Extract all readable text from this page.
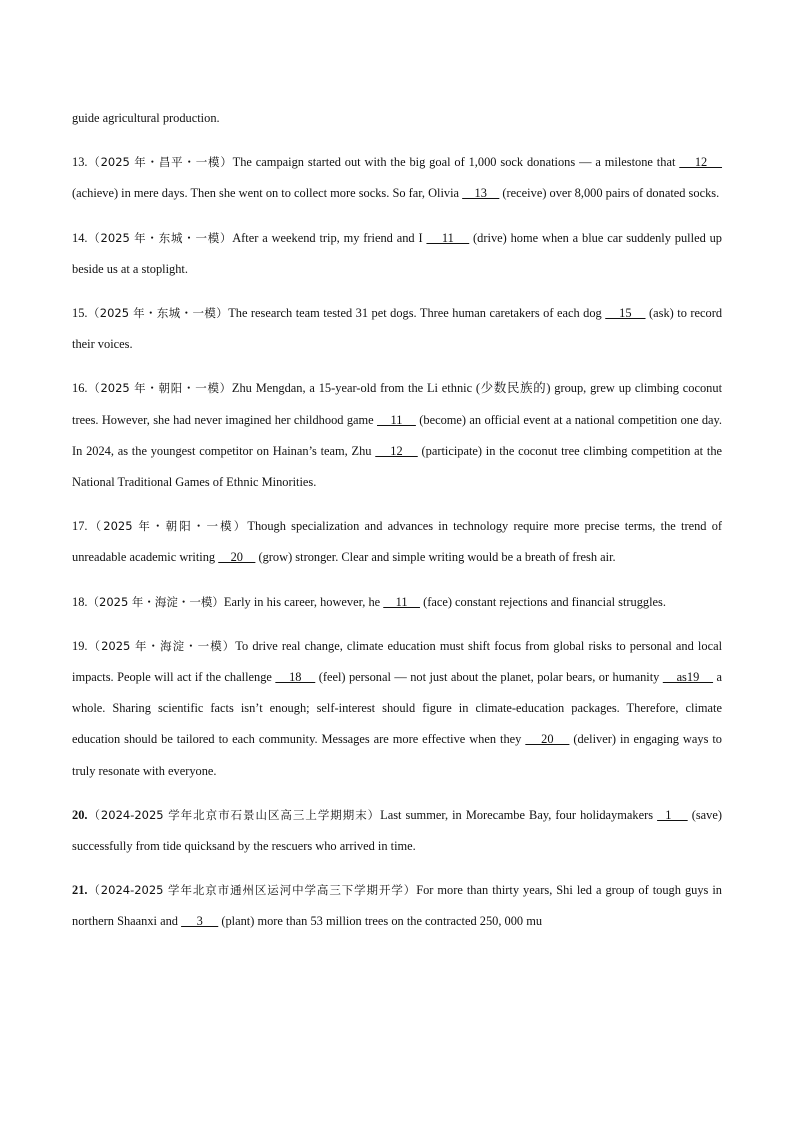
guide agricultural production.

13.（2025 年・昌平・一模）The campaign started out with the big goal of 1,000 sock donations — a milestone that     12     (achieve) in mere days. Then she went on to collect more socks. So far, Olivia     13     (receive) over 8,000 pairs of donated socks.

14.（2025 年・东城・一模）After a weekend trip, my friend and I     11     (drive) home when a blue car suddenly pulled up beside us at a stoplight.

15.（2025 年・东城・一模）The research team tested 31 pet dogs. Three human caretakers of each dog     15     (ask) to record their voices.

16.（2025 年・朝阳・一模）Zhu Mengdan, a 15-year-old from the Li ethnic (少数民族的) group, grew up climbing coconut trees. However, she had never imagined her childhood game     11     (become) an official event at a national competition one day. In 2024, as the youngest competitor on Hainan’s team, Zhu     12     (participate) in the coconut tree climbing competition at the National Traditional Games of Ethnic Minorities.

17.（2025 年・朝阳・一模）Though specialization and advances in technology require more precise terms, the trend of unreadable academic writing     20     (grow) stronger. Clear and simple writing would be a breath of fresh air.

18.（2025 年・海淀・一模）Early in his career, however, he     11     (face) constant rejections and financial struggles.

19.（2025 年・海淀・一模）To drive real change, climate education must shift focus from global risks to personal and local impacts. People will act if the challenge     18     (feel) personal — not just about the planet, polar bears, or humanity     as19     a whole. Sharing scientific facts isn’t enough; self-interest should figure in climate-education packages. Therefore, climate education should be tailored to each community. Messages are more effective when they     20     (deliver) in engaging ways to truly resonate with everyone.

20.（2024-2025 学年北京市石景山区高三上学期期末）Last summer, in Morecambe Bay, four holidaymakers   1     (save) successfully from tide quicksand by the rescuers who arrived in time.

21.（2024-2025 学年北京市通州区运河中学高三下学期开学）For more than thirty years, Shi led a group of tough guys in northern Shaanxi and      3      (plant) more than 53 million trees on the contracted 250, 000 mu
